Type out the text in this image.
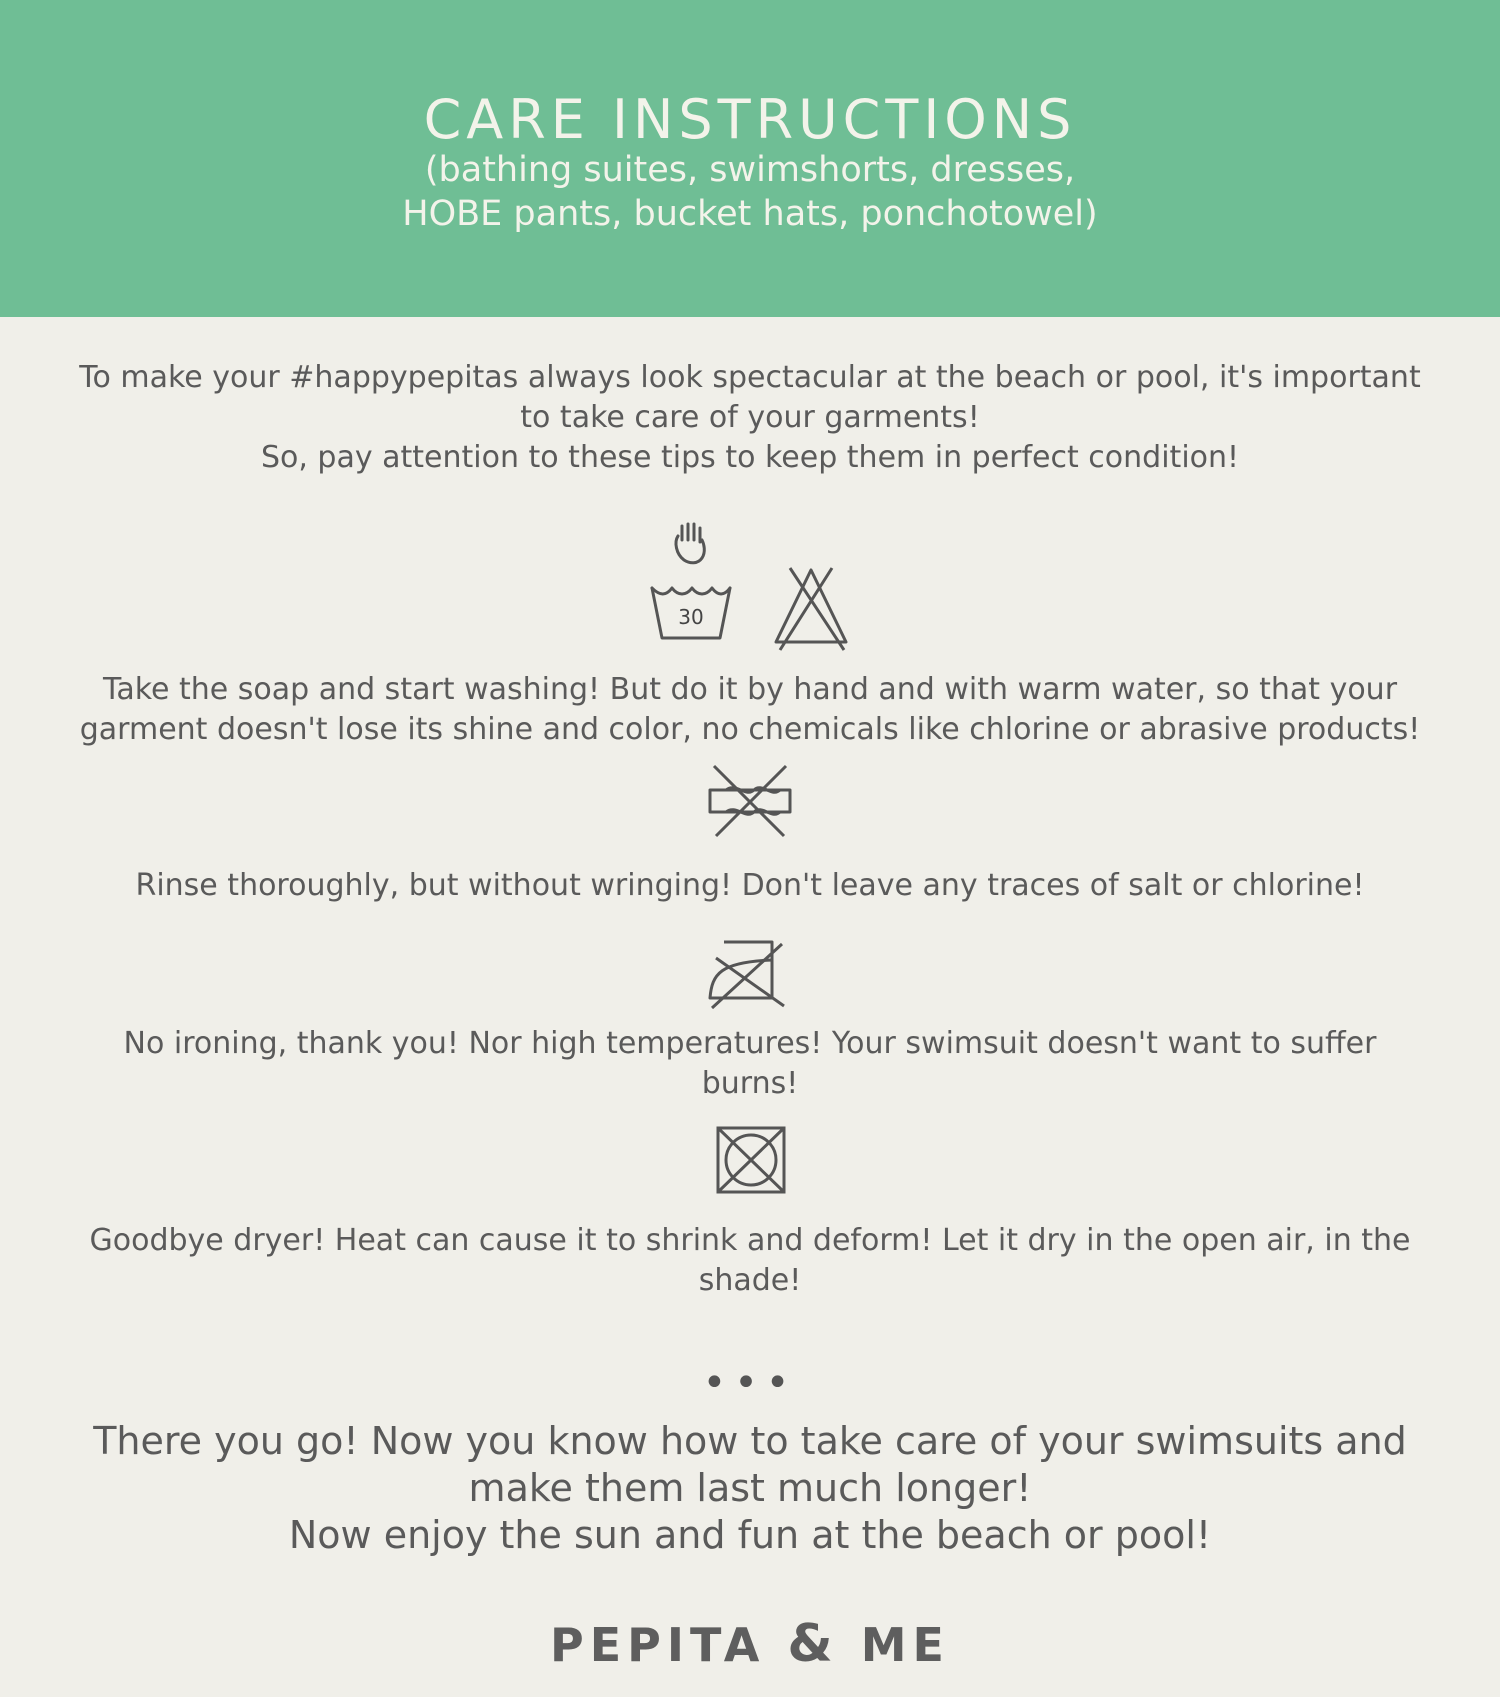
CARE INSTRUCTIONS
(bathing suites, swimshorts, dresses,
HOBE pants, bucket hats, ponchotowel)
To make your #happypepitas always look spectacular at the beach or pool, it's important
to take care of your garments!
So, pay attention to these tips to keep them in perfect condition!
30
Take the soap and start washing! But do it by hand and with warm water, so that your
garment doesn't lose its shine and color, no chemicals like chlorine or abrasive products!
Rinse thoroughly, but without wringing! Don't leave any traces of salt or chlorine!
No ironing, thank you! Nor high temperatures! Your swimsuit doesn't want to suffer
burns!
Goodbye dryer! Heat can cause it to shrink and deform! Let it dry in the open air, in the
shade!
•••
There you go! Now you know how to take care of your swimsuits and
make them last much longer!
Now enjoy the sun and fun at the beach or pool!
PEPITA & ME
